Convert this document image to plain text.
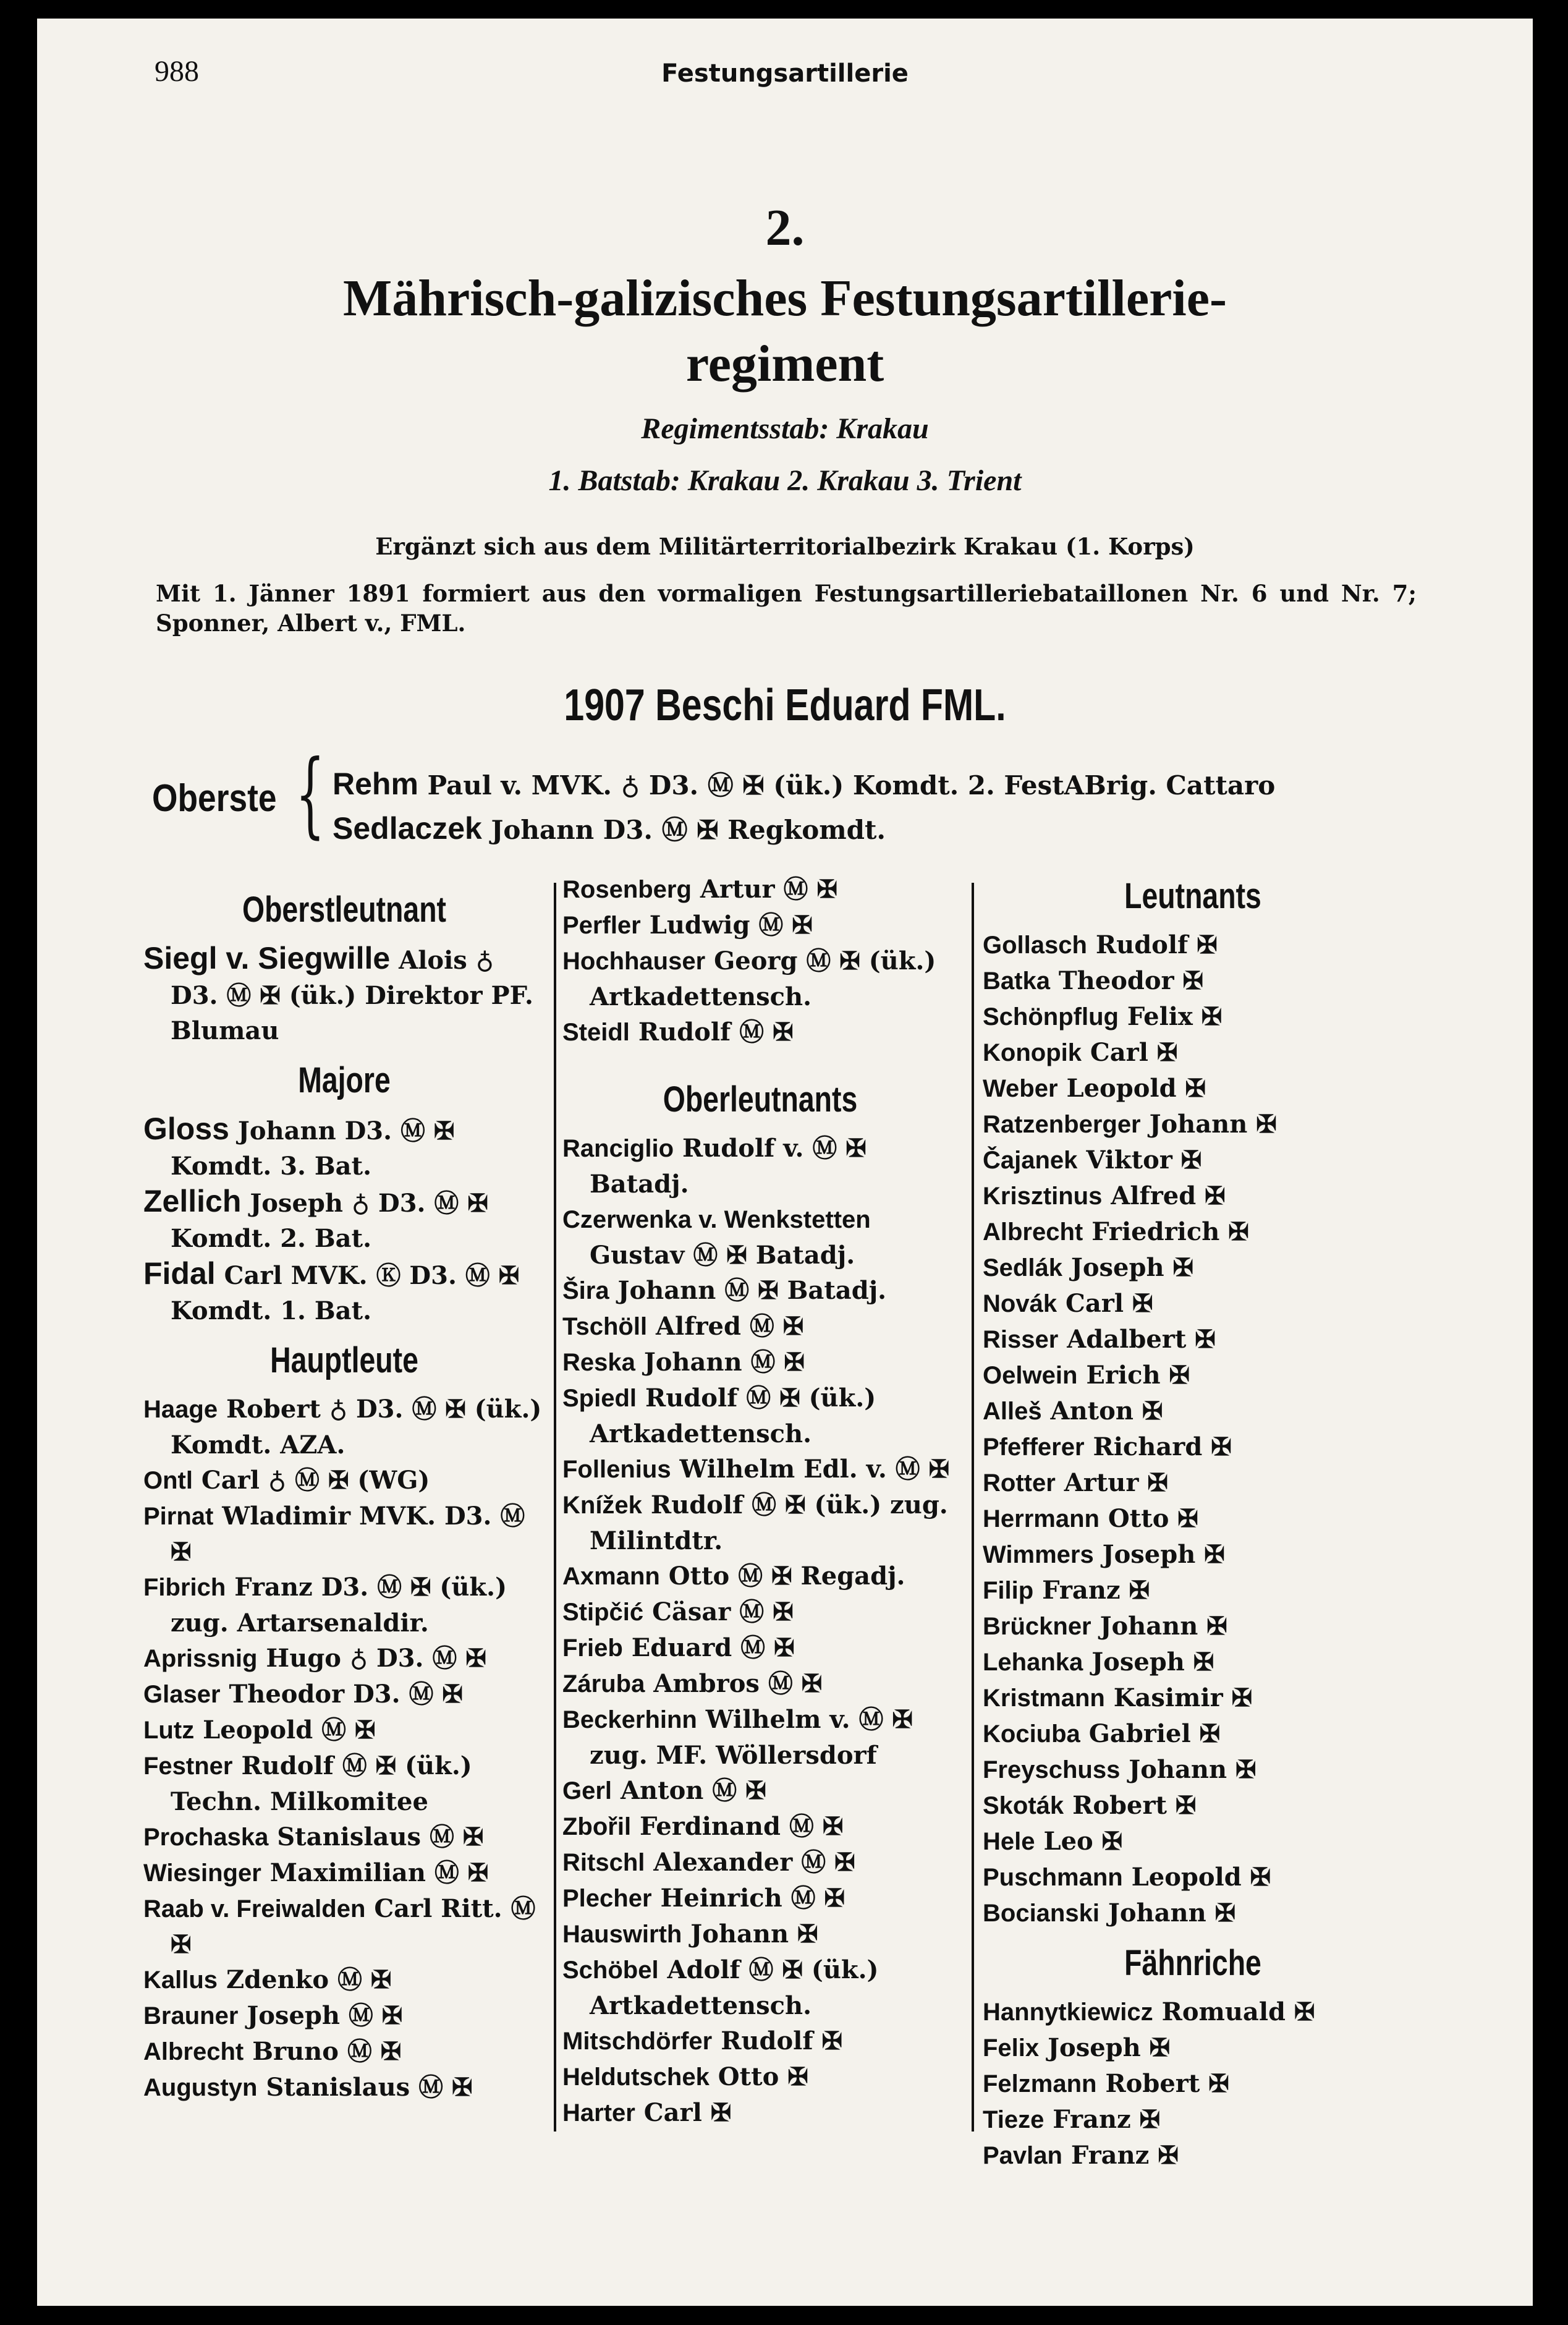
988	Festungsartillerie
2.
Mährisch-galizisches Festungsartillerie-
regiment
Regimentsstab: Krakau
1. Batstab: Krakau 2. Krakau 3. Trient
Ergänzt sich aus dem Militärterritorialbezirk Krakau (1. Korps)
Mit 1. Jänner 1891 formiert aus den vormaligen Festungsartilleriebataillonen Nr. 6 und Nr. 7;
Sponner, Albert v., FML.
1907 Beschi Eduard FML.
Oberste { Rehm Paul v. MVK. ♁ D3. Ⓜ ✠ (ük.) Komdt. 2. FestABrig. Cattaro
Sedlaczek Johann D3. Ⓜ ✠ Regkomdt.
Oberstleutnant
Siegl v. Siegwille Alois ♁ D3. Ⓜ ✠ (ük.) Direktor PF. Blumau
Majore
Gloss Johann D3. Ⓜ ✠ Komdt. 3. Bat.
Zellich Joseph ♁ D3. Ⓜ ✠ Komdt. 2. Bat.
Fidal Carl MVK. Ⓚ D3. Ⓜ ✠ Komdt. 1. Bat.
Hauptleute
Haage Robert ♁ D3. Ⓜ ✠ (ük.) Komdt. AZA.
Ontl Carl ♁ Ⓜ ✠ (WG)
Pirnat Wladimir MVK. D3. Ⓜ ✠
Fibrich Franz D3. Ⓜ ✠ (ük.) zug. Artarsenaldir.
Aprissnig Hugo ♁ D3. Ⓜ ✠
Glaser Theodor D3. Ⓜ ✠
Lutz Leopold Ⓜ ✠
Festner Rudolf Ⓜ ✠ (ük.) Techn. Milkomitee
Prochaska Stanislaus Ⓜ ✠
Wiesinger Maximilian Ⓜ ✠
Raab v. Freiwalden Carl Ritt. Ⓜ ✠
Kallus Zdenko Ⓜ ✠
Brauner Joseph Ⓜ ✠
Albrecht Bruno Ⓜ ✠
Augustyn Stanislaus Ⓜ ✠
Rosenberg Artur Ⓜ ✠
Perfler Ludwig Ⓜ ✠
Hochhauser Georg Ⓜ ✠ (ük.) Artkadettensch.
Steidl Rudolf Ⓜ ✠
Oberleutnants
Ranciglio Rudolf v. Ⓜ ✠ Batadj.
Czerwenka v. Wenkstetten Gustav Ⓜ ✠ Batadj.
Šira Johann Ⓜ ✠ Batadj.
Tschöll Alfred Ⓜ ✠
Reska Johann Ⓜ ✠
Spiedl Rudolf Ⓜ ✠ (ük.) Artkadettensch.
Follenius Wilhelm Edl. v. Ⓜ ✠
Knížek Rudolf Ⓜ ✠ (ük.) zug. Milintdtr.
Axmann Otto Ⓜ ✠ Regadj.
Stipčić Cäsar Ⓜ ✠
Frieb Eduard Ⓜ ✠
Záruba Ambros Ⓜ ✠
Beckerhinn Wilhelm v. Ⓜ ✠ zug. MF. Wöllersdorf
Gerl Anton Ⓜ ✠
Zbořil Ferdinand Ⓜ ✠
Ritschl Alexander Ⓜ ✠
Plecher Heinrich Ⓜ ✠
Hauswirth Johann ✠
Schöbel Adolf Ⓜ ✠ (ük.) Artkadettensch.
Mitschdörfer Rudolf ✠
Heldutschek Otto ✠
Harter Carl ✠
Leutnants
Gollasch Rudolf ✠
Batka Theodor ✠
Schönpflug Felix ✠
Konopik Carl ✠
Weber Leopold ✠
Ratzenberger Johann ✠
Čajanek Viktor ✠
Krisztinus Alfred ✠
Albrecht Friedrich ✠
Sedlák Joseph ✠
Novák Carl ✠
Risser Adalbert ✠
Oelwein Erich ✠
Alleš Anton ✠
Pfefferer Richard ✠
Rotter Artur ✠
Herrmann Otto ✠
Wimmers Joseph ✠
Filip Franz ✠
Brückner Johann ✠
Lehanka Joseph ✠
Kristmann Kasimir ✠
Kociuba Gabriel ✠
Freyschuss Johann ✠
Skoták Robert ✠
Hele Leo ✠
Puschmann Leopold ✠
Bocianski Johann ✠
Fähnriche
Hannytkiewicz Romuald ✠
Felix Joseph ✠
Felzmann Robert ✠
Tieze Franz ✠
Pavlan Franz ✠
